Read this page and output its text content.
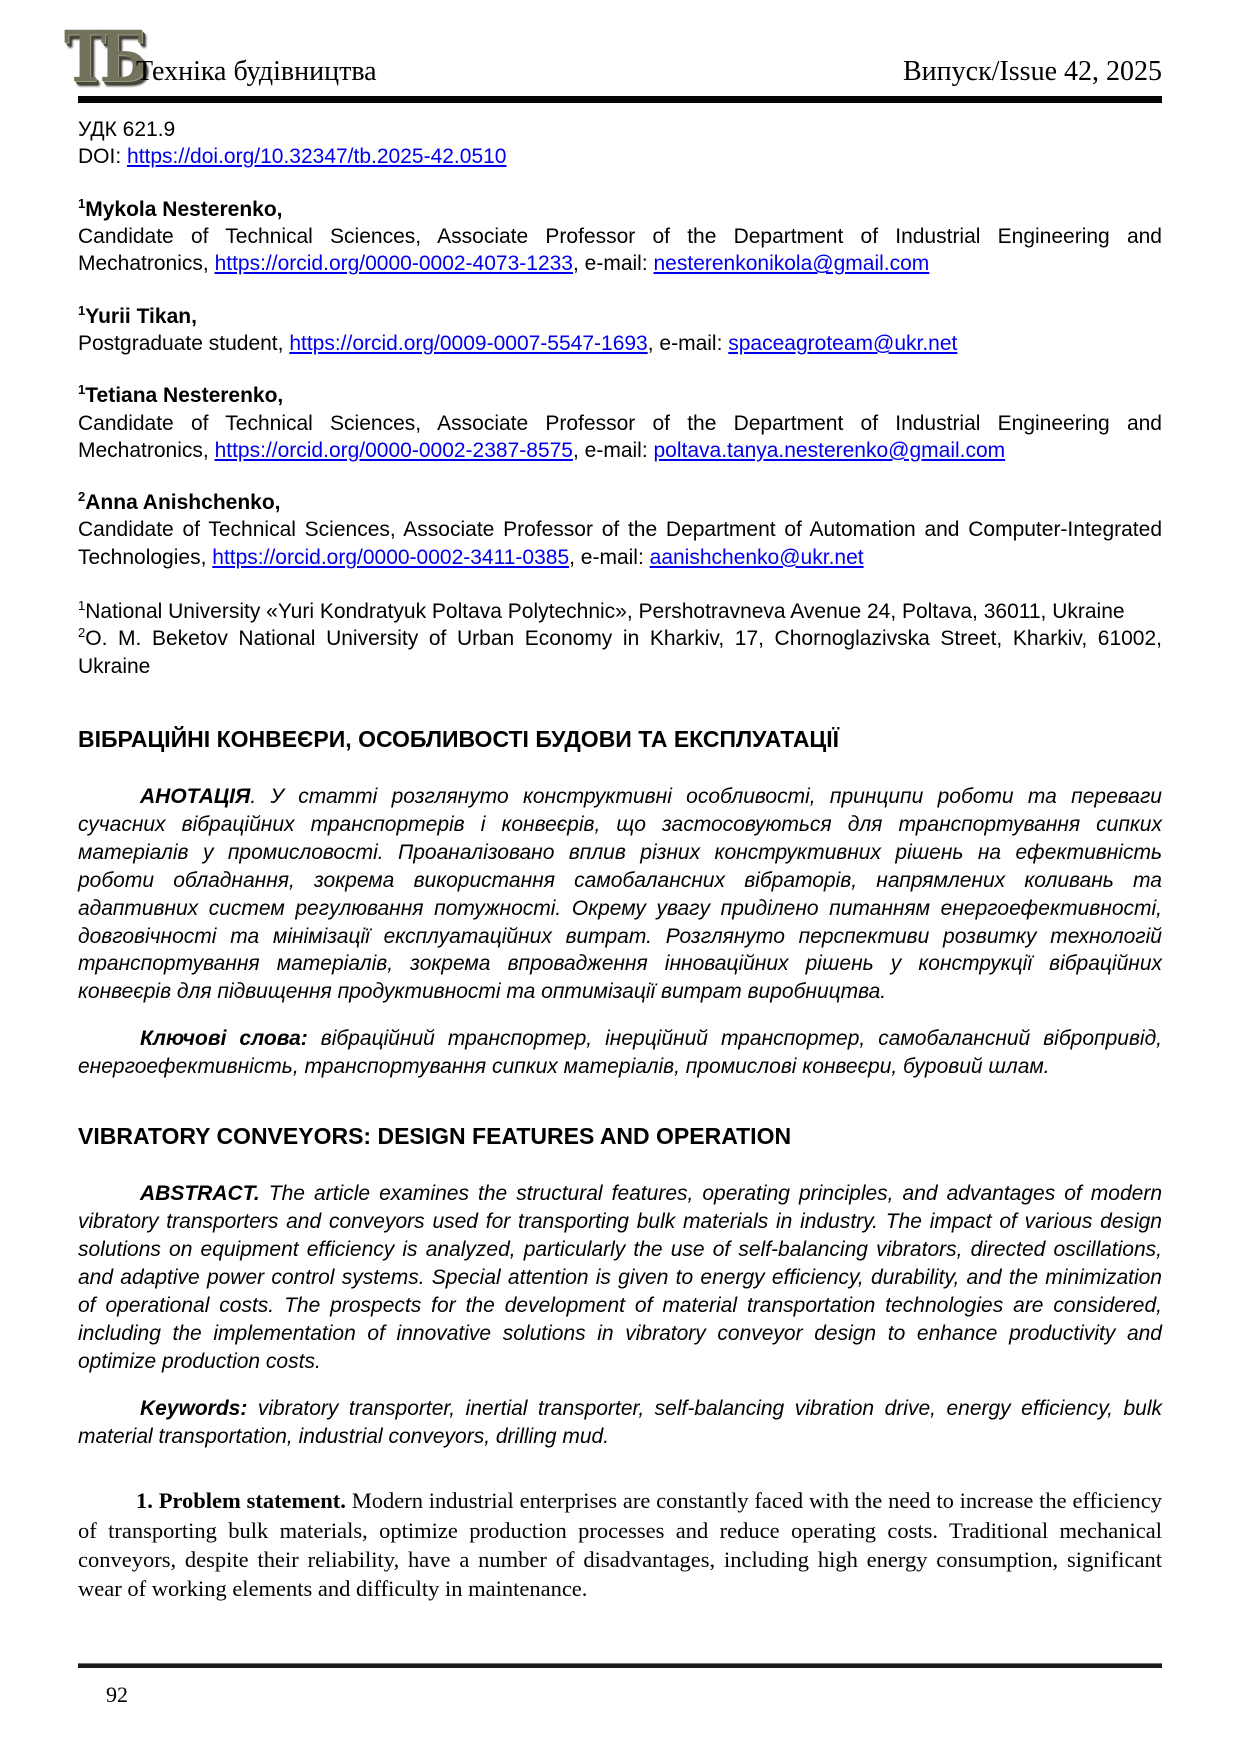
ТБ
Техніка будівництва	Випуск/Issue 42, 2025
УДК 621.9
DOI: https://doi.org/10.32347/tb.2025-42.0510
$^1$Mykola Nesterenko,
Candidate of Technical Sciences, Associate Professor of the Department of Industrial Engineering and Mechatronics, https://orcid.org/0000-0002-4073-1233, e-mail: nesterenkonikola@gmail.com
$^1$Yurii Tikan,
Postgraduate student, https://orcid.org/0009-0007-5547-1693, e-mail: spaceagroteam@ukr.net
$^1$Tetiana Nesterenko,
Candidate of Technical Sciences, Associate Professor of the Department of Industrial Engineering and Mechatronics, https://orcid.org/0000-0002-2387-8575, e-mail: poltava.tanya.nesterenko@gmail.com
$^2$Anna Anishchenko,
Candidate of Technical Sciences, Associate Professor of the Department of Automation and Computer-Integrated Technologies, https://orcid.org/0000-0002-3411-0385, e-mail: aanishchenko@ukr.net
$^1$National University «Yuri Kondratyuk Poltava Polytechnic», Pershotravneva Avenue 24, Poltava, 36011, Ukraine
$^2$O. M. Beketov National University of Urban Economy in Kharkiv, 17, Chornoglazivska Street, Kharkiv, 61002, Ukraine
ВІБРАЦІЙНІ КОНВЕЄРИ, ОСОБЛИВОСТІ БУДОВИ ТА ЕКСПЛУАТАЦІЇ

АНОТАЦІЯ. У статті розглянуто конструктивні особливості, принципи роботи та переваги сучасних вібраційних транспортерів і конвеєрів, що застосовуються для транспортування сипких матеріалів у промисловості. Проаналізовано вплив різних конструктивних рішень на ефективність роботи обладнання, зокрема використання самобалансних вібраторів, напрямлених коливань та адаптивних систем регулювання потужності. Окрему увагу приділено питанням енергоефективності, довговічності та мінімізації експлуатаційних витрат. Розглянуто перспективи розвитку технологій транспортування матеріалів, зокрема впровадження інноваційних рішень у конструкції вібраційних конвеєрів для підвищення продуктивності та оптимізації витрат виробництва.

Ключові слова: вібраційний транспортер, інерційний транспортер, самобалансний вібропривід, енергоефективність, транспортування сипких матеріалів, промислові конвеєри, буровий шлам.

VIBRATORY CONVEYORS: DESIGN FEATURES AND OPERATION

ABSTRACT. The article examines the structural features, operating principles, and advantages of modern vibratory transporters and conveyors used for transporting bulk materials in industry. The impact of various design solutions on equipment efficiency is analyzed, particularly the use of self-balancing vibrators, directed oscillations, and adaptive power control systems. Special attention is given to energy efficiency, durability, and the minimization of operational costs. The prospects for the development of material transportation technologies are considered, including the implementation of innovative solutions in vibratory conveyor design to enhance productivity and optimize production costs.

Keywords: vibratory transporter, inertial transporter, self-balancing vibration drive, energy efficiency, bulk material transportation, industrial conveyors, drilling mud.

1. Problem statement. Modern industrial enterprises are constantly faced with the need to increase the efficiency of transporting bulk materials, optimize production processes and reduce operating costs. Traditional mechanical conveyors, despite their reliability, have a number of disadvantages, including high energy consumption, significant wear of working elements and difficulty in maintenance.

92
